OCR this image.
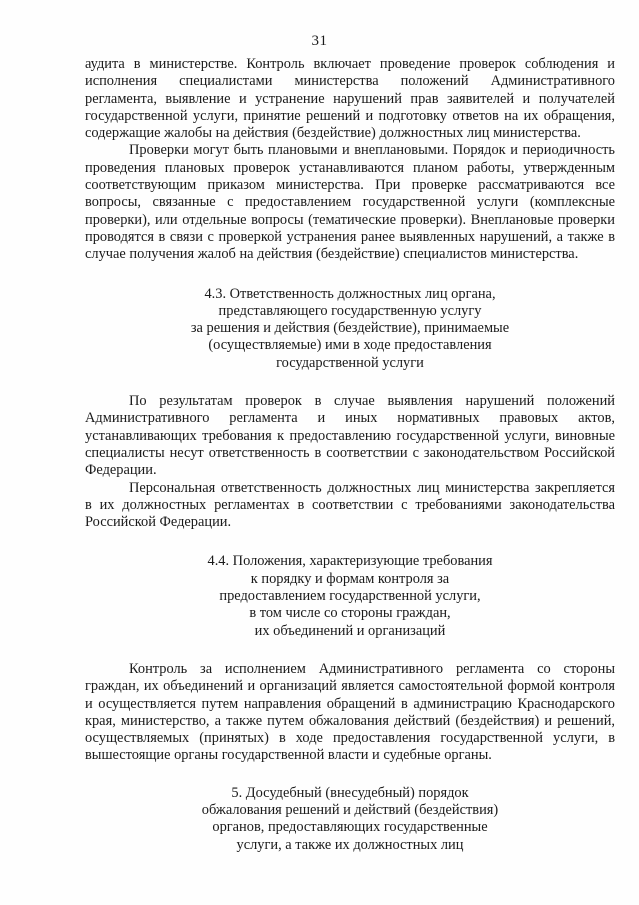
31

аудита в министерстве. Контроль включает проведение проверок соблюдения и исполнения специалистами министерства положений Административного регламента, выявление и устранение нарушений прав заявителей и получателей государственной услуги, принятие решений и подготовку ответов на их обращения, содержащие жалобы на действия (бездействие) должностных лиц министерства.

Проверки могут быть плановыми и внеплановыми. Порядок и периодичность проведения плановых проверок устанавливаются планом работы, утвержденным соответствующим приказом министерства. При проверке рассматриваются все вопросы, связанные с предоставлением государственной услуги (комплексные проверки), или отдельные вопросы (тематические проверки). Внеплановые проверки проводятся в связи с проверкой устранения ранее выявленных нарушений, а также в случае получения жалоб на действия (бездействие) специалистов министерства.

4.3. Ответственность должностных лиц органа,
представляющего государственную услугу
за решения и действия (бездействие), принимаемые
(осуществляемые) ими в ходе предоставления
государственной услуги

По результатам проверок в случае выявления нарушений положений Административного регламента и иных нормативных правовых актов, устанавливающих требования к предоставлению государственной услуги, виновные специалисты несут ответственность в соответствии с законодательством Российской Федерации.

Персональная ответственность должностных лиц министерства закрепляется в их должностных регламентах в соответствии с требованиями законодательства Российской Федерации.

4.4. Положения, характеризующие требования
к порядку и формам контроля за
предоставлением государственной услуги,
в том числе со стороны граждан,
их объединений и организаций

Контроль за исполнением Административного регламента со стороны граждан, их объединений и организаций является самостоятельной формой контроля и осуществляется путем направления обращений в администрацию Краснодарского края, министерство, а также путем обжалования действий (бездействия) и решений, осуществляемых (принятых) в ходе предоставления государственной услуги, в вышестоящие органы государственной власти и судебные органы.

5. Досудебный (внесудебный) порядок
обжалования решений и действий (бездействия)
органов, предоставляющих государственные
услуги, а также их должностных лиц
